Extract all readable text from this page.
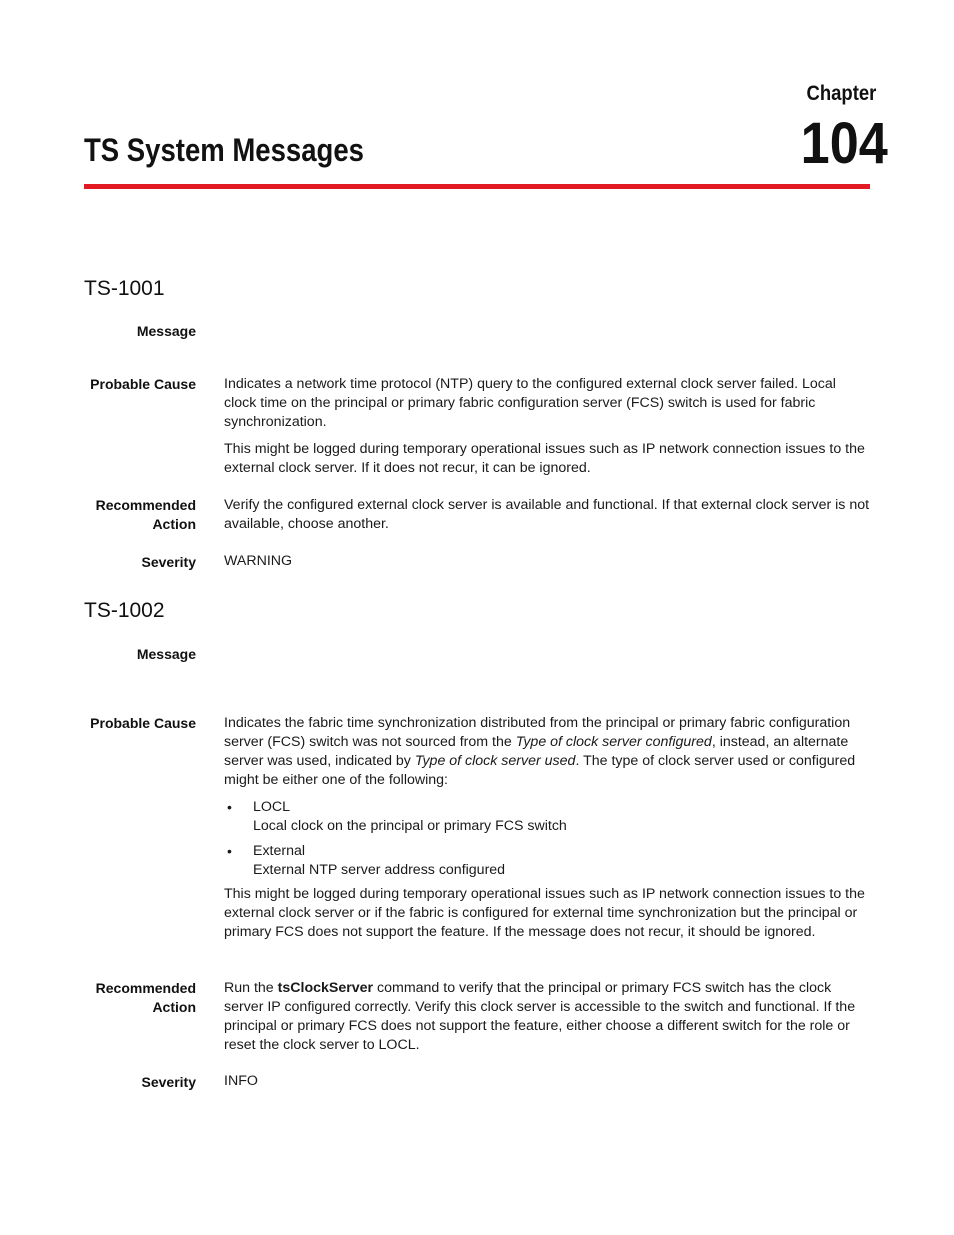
Chapter
104
TS System Messages
TS-1001
Message
Probable Cause Indicates a network time protocol (NTP) query to the configured external clock server failed. Local clock time on the principal or primary fabric configuration server (FCS) switch is used for fabric synchronization.

This might be logged during temporary operational issues such as IP network connection issues to the external clock server. If it does not recur, it can be ignored.

Recommended
Action

Verify the configured external clock server is available and functional. If that external clock server is not available, choose another.

Severity WARNING

TS-1002
Message
Probable Cause Indicates the fabric time synchronization distributed from the principal or primary fabric configuration server (FCS) switch was not sourced from the Type of clock server configured, instead, an alternate server was used, indicated by Type of clock server used. The type of clock server used or configured might be either one of the following:

• LOCL
Local clock on the principal or primary FCS switch
• External
External NTP server address configured

This might be logged during temporary operational issues such as IP network connection issues to the external clock server or if the fabric is configured for external time synchronization but the principal or primary FCS does not support the feature. If the message does not recur, it should be ignored.

Recommended
Action

Run the tsClockServer command to verify that the principal or primary FCS switch has the clock server IP configured correctly. Verify this clock server is accessible to the switch and functional. If the principal or primary FCS does not support the feature, either choose a different switch for the role or reset the clock server to LOCL.

Severity INFO
